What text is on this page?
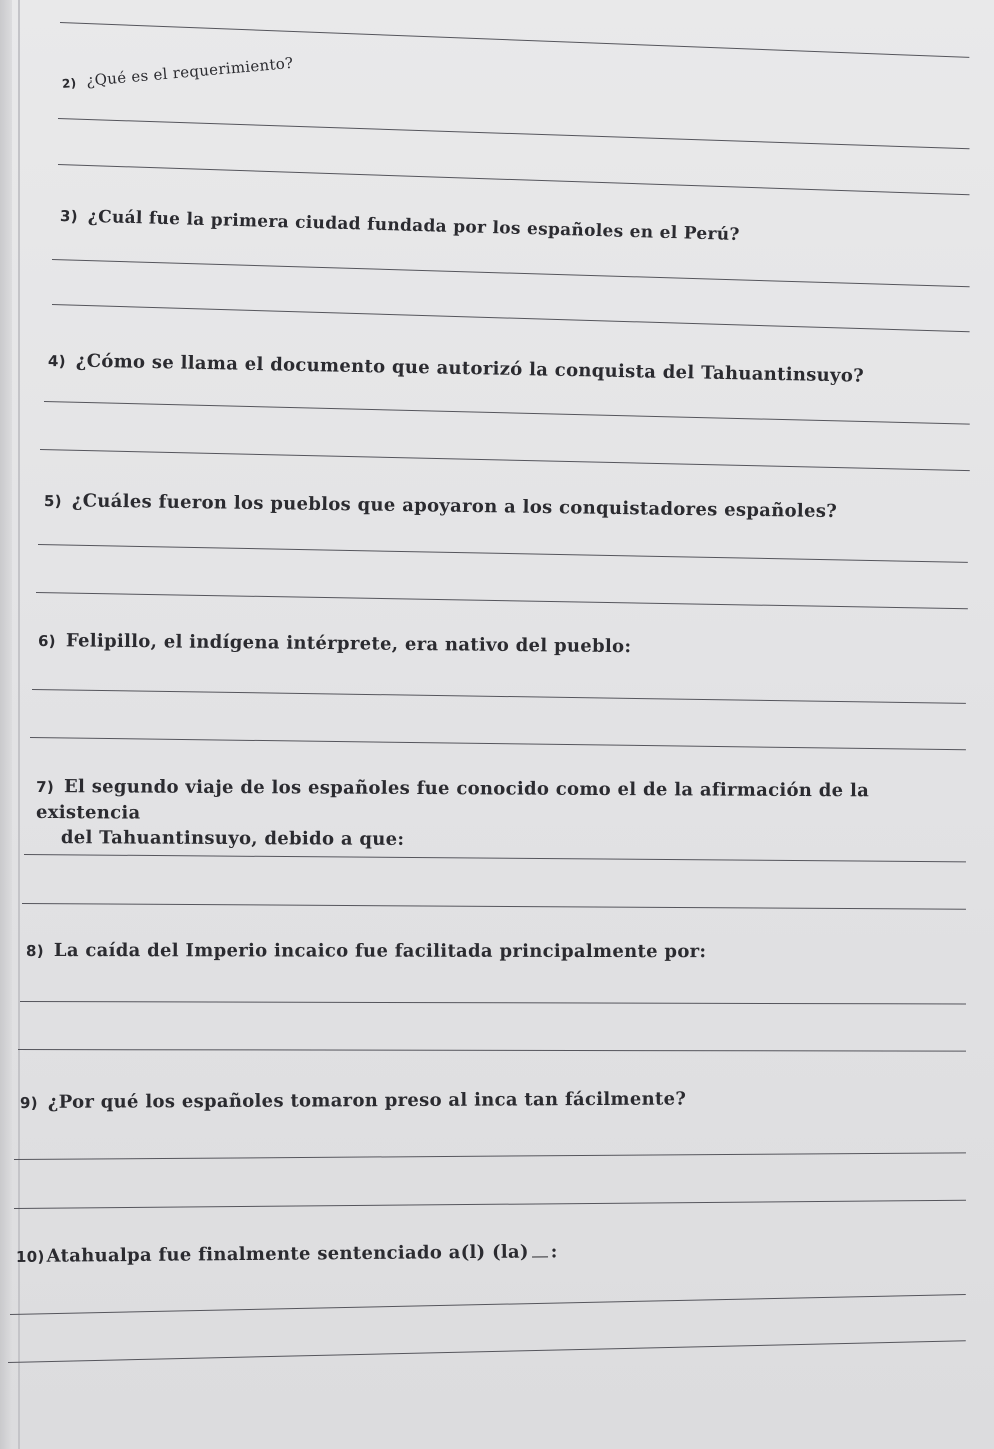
2) ¿Qué es el requerimiento?
3) ¿Cuál fue la primera ciudad fundada por los españoles en el Perú?
4) ¿Cómo se llama el documento que autorizó la conquista del Tahuantinsuyo?
5) ¿Cuáles fueron los pueblos que apoyaron a los conquistadores españoles?
6) Felipillo, el indígena intérprete, era nativo del pueblo:
7) El segundo viaje de los españoles fue conocido como el de la afirmación de la existencia
del Tahuantinsuyo, debido a que:
8) La caída del Imperio incaico fue facilitada principalmente por:
9) ¿Por qué los españoles tomaron preso al inca tan fácilmente?
10) Atahualpa fue finalmente sentenciado a(l) (la) :
